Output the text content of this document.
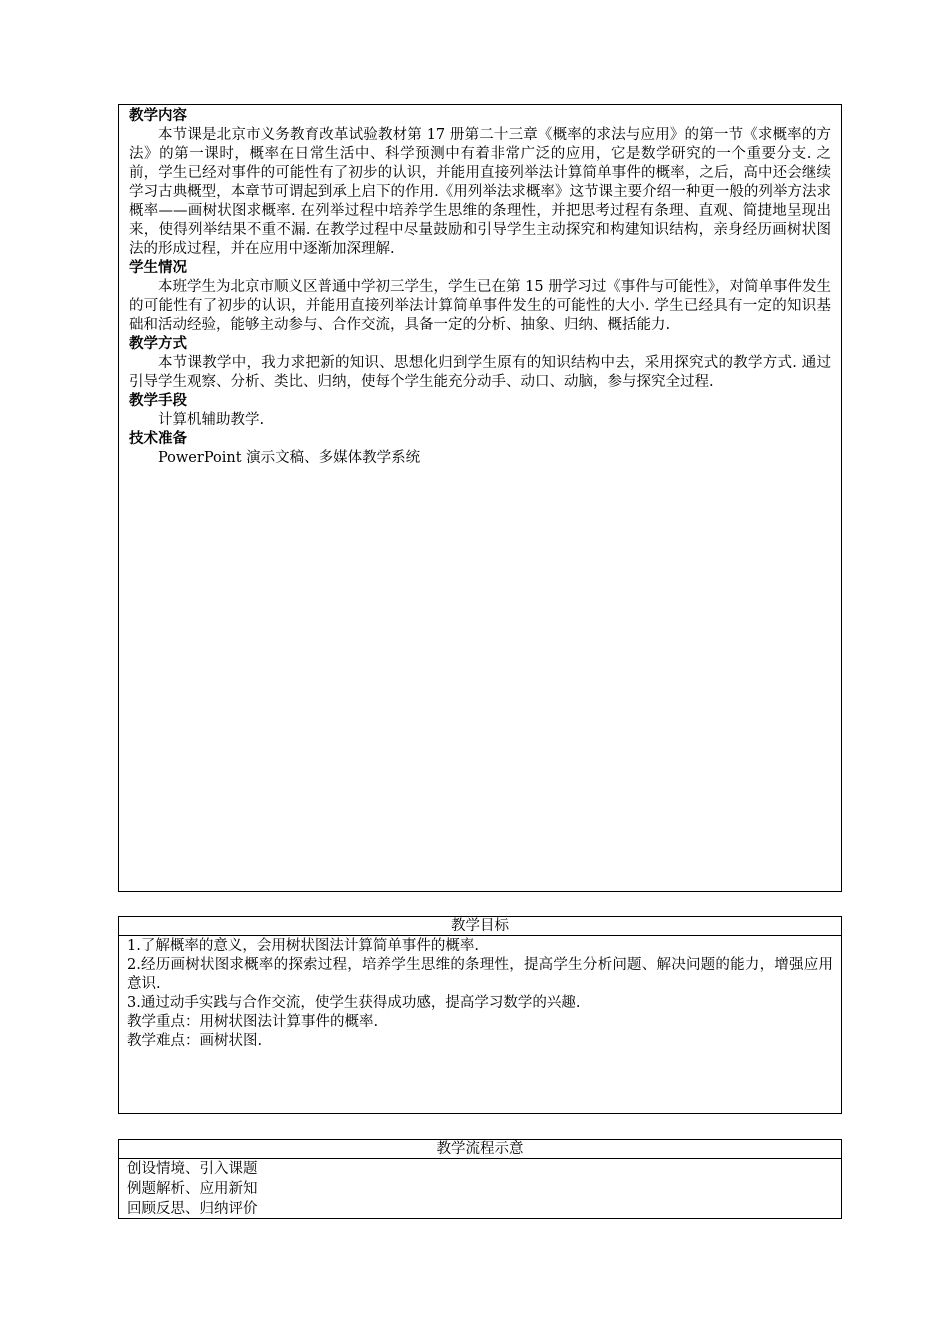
教学内容

本节课是北京市义务教育改革试验教材第 17 册第二十三章《概率的求法与应用》的第一节《求概率的方法》的第一课时，概率在日常生活中、科学预测中有着非常广泛的应用，它是数学研究的一个重要分支. 之前，学生已经对事件的可能性有了初步的认识，并能用直接列举法计算简单事件的概率，之后，高中还会继续学习古典概型，本章节可谓起到承上启下的作用.《用列举法求概率》这节课主要介绍一种更一般的列举方法求概率——画树状图求概率. 在列举过程中培养学生思维的条理性，并把思考过程有条理、直观、简捷地呈现出来，使得列举结果不重不漏. 在教学过程中尽量鼓励和引导学生主动探究和构建知识结构，亲身经历画树状图法的形成过程，并在应用中逐渐加深理解.

学生情况

本班学生为北京市顺义区普通中学初三学生，学生已在第 15 册学习过《事件与可能性》，对简单事件发生的可能性有了初步的认识，并能用直接列举法计算简单事件发生的可能性的大小. 学生已经具有一定的知识基础和活动经验，能够主动参与、合作交流，具备一定的分析、抽象、归纳、概括能力.

教学方式

本节课教学中，我力求把新的知识、思想化归到学生原有的知识结构中去，采用探究式的教学方式. 通过引导学生观察、分析、类比、归纳，使每个学生能充分动手、动口、动脑，参与探究全过程.

教学手段

计算机辅助教学.

技术准备

PowerPoint 演示文稿、多媒体教学系统

教学目标

1.了解概率的意义，会用树状图法计算简单事件的概率.

2.经历画树状图求概率的探索过程，培养学生思维的条理性，提高学生分析问题、解决问题的能力，增强应用意识.

3.通过动手实践与合作交流，使学生获得成功感，提高学习数学的兴趣.

教学重点：用树状图法计算事件的概率.

教学难点：画树状图.

教学流程示意

创设情境、引入课题

例题解析、应用新知

回顾反思、归纳评价
